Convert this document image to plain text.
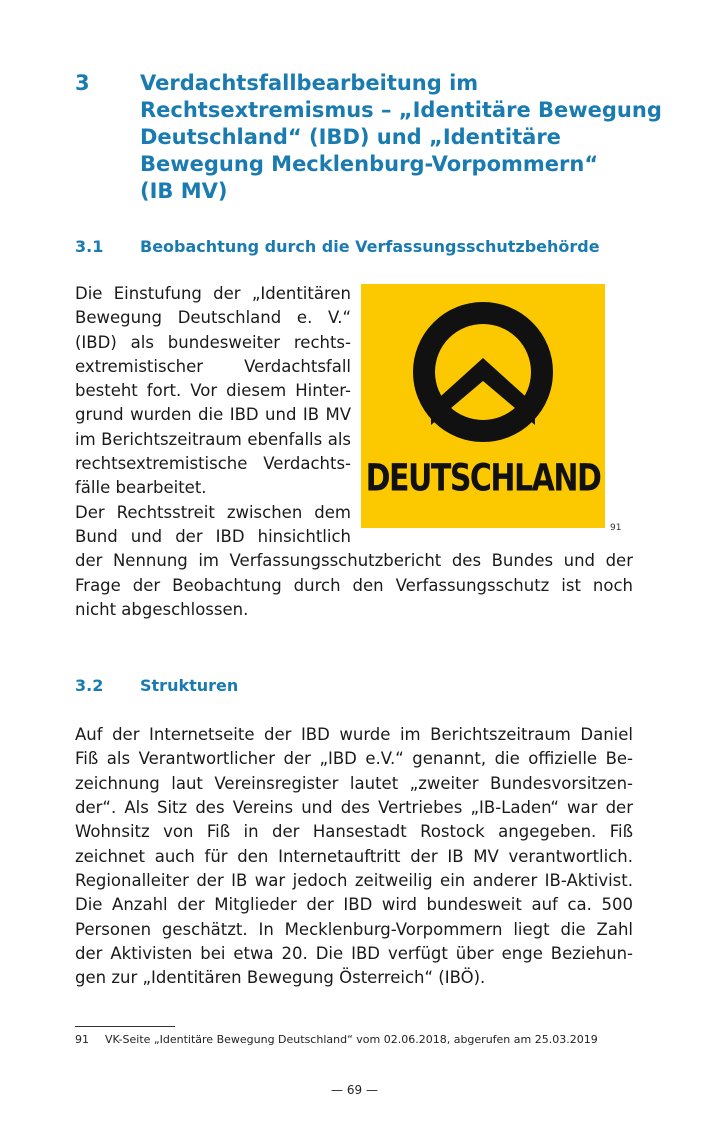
3	Verdachtsfallbearbeitung im
Rechtsextremismus – „Identitäre Bewegung
Deutschland“ (IBD) und „Identitäre
Bewegung Mecklenburg-Vorpommern“
(IB MV)
3.1	Beobachtung durch die Verfassungsschutzbehörde
DEUTSCHLAND
91
Die Einstufung der „Identitären
Bewegung Deutschland e. V.“
(IBD) als bundesweiter rechts-
extremistischer Verdachtsfall
besteht fort. Vor diesem Hinter-
grund wurden die IBD und IB MV
im Berichtszeitraum ebenfalls als
rechtsextremistische Verdachts-
fälle bearbeitet.
Der Rechtsstreit zwischen dem
Bund und der IBD hinsichtlich
der Nennung im Verfassungsschutzbericht des Bundes und der
Frage der Beobachtung durch den Verfassungsschutz ist noch
nicht abgeschlossen.
3.2	Strukturen
Auf der Internetseite der IBD wurde im Berichtszeitraum Daniel
Fiß als Verantwortlicher der „IBD e.V.“ genannt, die offizielle Be-
zeichnung laut Vereinsregister lautet „zweiter Bundesvorsitzen-
der“. Als Sitz des Vereins und des Vertriebes „IB-Laden“ war der
Wohnsitz von Fiß in der Hansestadt Rostock angegeben. Fiß
zeichnet auch für den Internetauftritt der IB MV verantwortlich.
Regionalleiter der IB war jedoch zeitweilig ein anderer IB-Aktivist.
Die Anzahl der Mitglieder der IBD wird bundesweit auf ca. 500
Personen geschätzt. In Mecklenburg-Vorpommern liegt die Zahl
der Aktivisten bei etwa 20. Die IBD verfügt über enge Beziehun-
gen zur „Identitären Bewegung Österreich“ (IBÖ).
91 VK-Seite „Identitäre Bewegung Deutschland“ vom 02.06.2018, abgerufen am 25.03.2019
— 69 —
